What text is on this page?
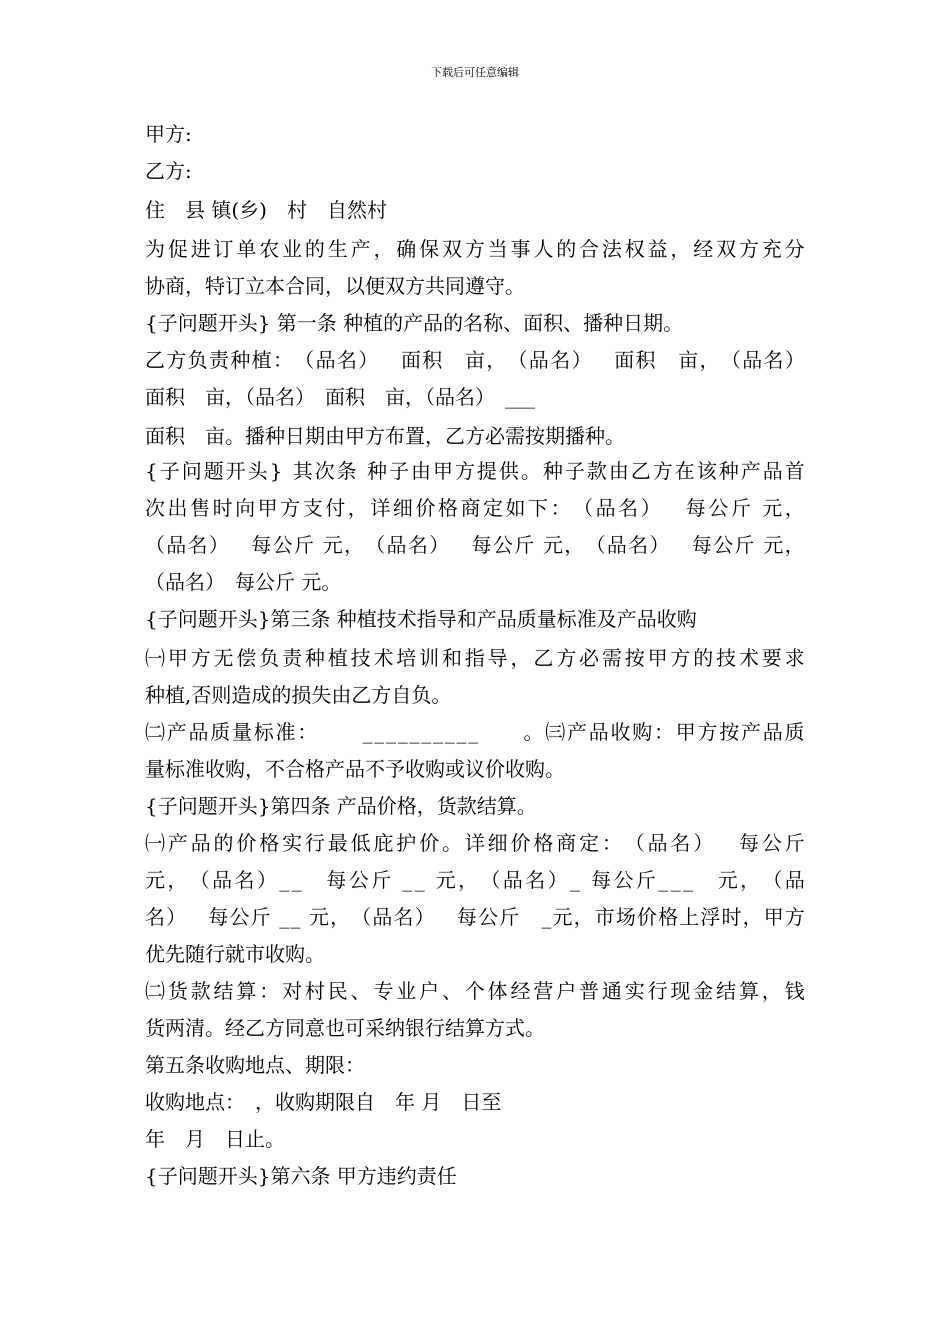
下载后可任意编辑
甲方:
乙方:
住　县 镇(乡)　村　自然村
为 促 进 订 单 农 业 的 生 产 ， 确 保 双 方 当 事 人 的 合 法 权 益 ， 经 双 方 充 分
协商，特订立本合同，以便双方共同遵守。
{子问题开头} 第一条 种植的产品的名称、面积、播种日期。
乙 方 负 责 种 植 ： （ 品 名 ）
　 面 积
　 亩 ， （ 品 名 ）
　 面 积
　 亩 ， （ 品 名 ）
面积　亩，（品名）　面积　亩，（品名）　___
面积　亩。播种日期由甲方布置，乙方必需按期播种。
{ 子 问 题 开 头 }
其 次 条
种 子 由 甲 方 提 供 。 种 子 款 由 乙 方 在 该 种 产 品 首
次 出 售 时 向 甲 方 支 付 ， 详 细 价 格 商 定 如 下 ： （ 品 名 ）
　 每 公 斤
元 ，
（ 品 名 ）
　 每 公 斤
元 ， （ 品 名 ）
　 每 公 斤
元 ， （ 品 名 ）
　 每 公 斤
元 ，
（品名）　每公斤 元。
{子问题开头}第三条 种植技术指导和产品质量标准及产品收购
㈠ 甲 方 无 偿 负 责 种 植 技 术 培 训 和 指 导 ， 乙 方 必 需 按 甲 方 的 技 术 要 求
种植,否则造成的损失由乙方自负。
㈡ 产 品 质 量 标 准 ：

　 _ _ _ _ _ _ _ _ _ _

　 。 ㈢ 产 品 收 购 ： 甲 方 按 产 品 质
量标准收购，不合格产品不予收购或议价收购。
{子问题开头}第四条 产品价格，货款结算。
㈠ 产 品 的 价 格 实 行 最 低 庇 护 价 。 详 细 价 格 商 定 ： （ 品 名 ）
　 每 公 斤
元 ， （ 品 名 ） _ _
　 每 公 斤
_ _
元 ， （ 品 名 ） _
每 公 斤 _ _ _
　 元 ， （ 品
名 ）
　 每 公 斤
_ _
元 ， （ 品 名 ）
　 每 公 斤
　 _ 元 ， 市 场 价 格 上 浮 时 ， 甲 方
优先随行就市收购。
㈡ 货 款 结 算 ： 对 村 民 、 专 业 户 、 个 体 经 营 户 普 通 实 行 现 金 结 算 ， 钱
货两清。经乙方同意也可采纳银行结算方式。
第五条收购地点、期限：
收购地点：　，收购期限自　年 月　日至
年　月　日止。
{子问题开头}第六条 甲方违约责任
